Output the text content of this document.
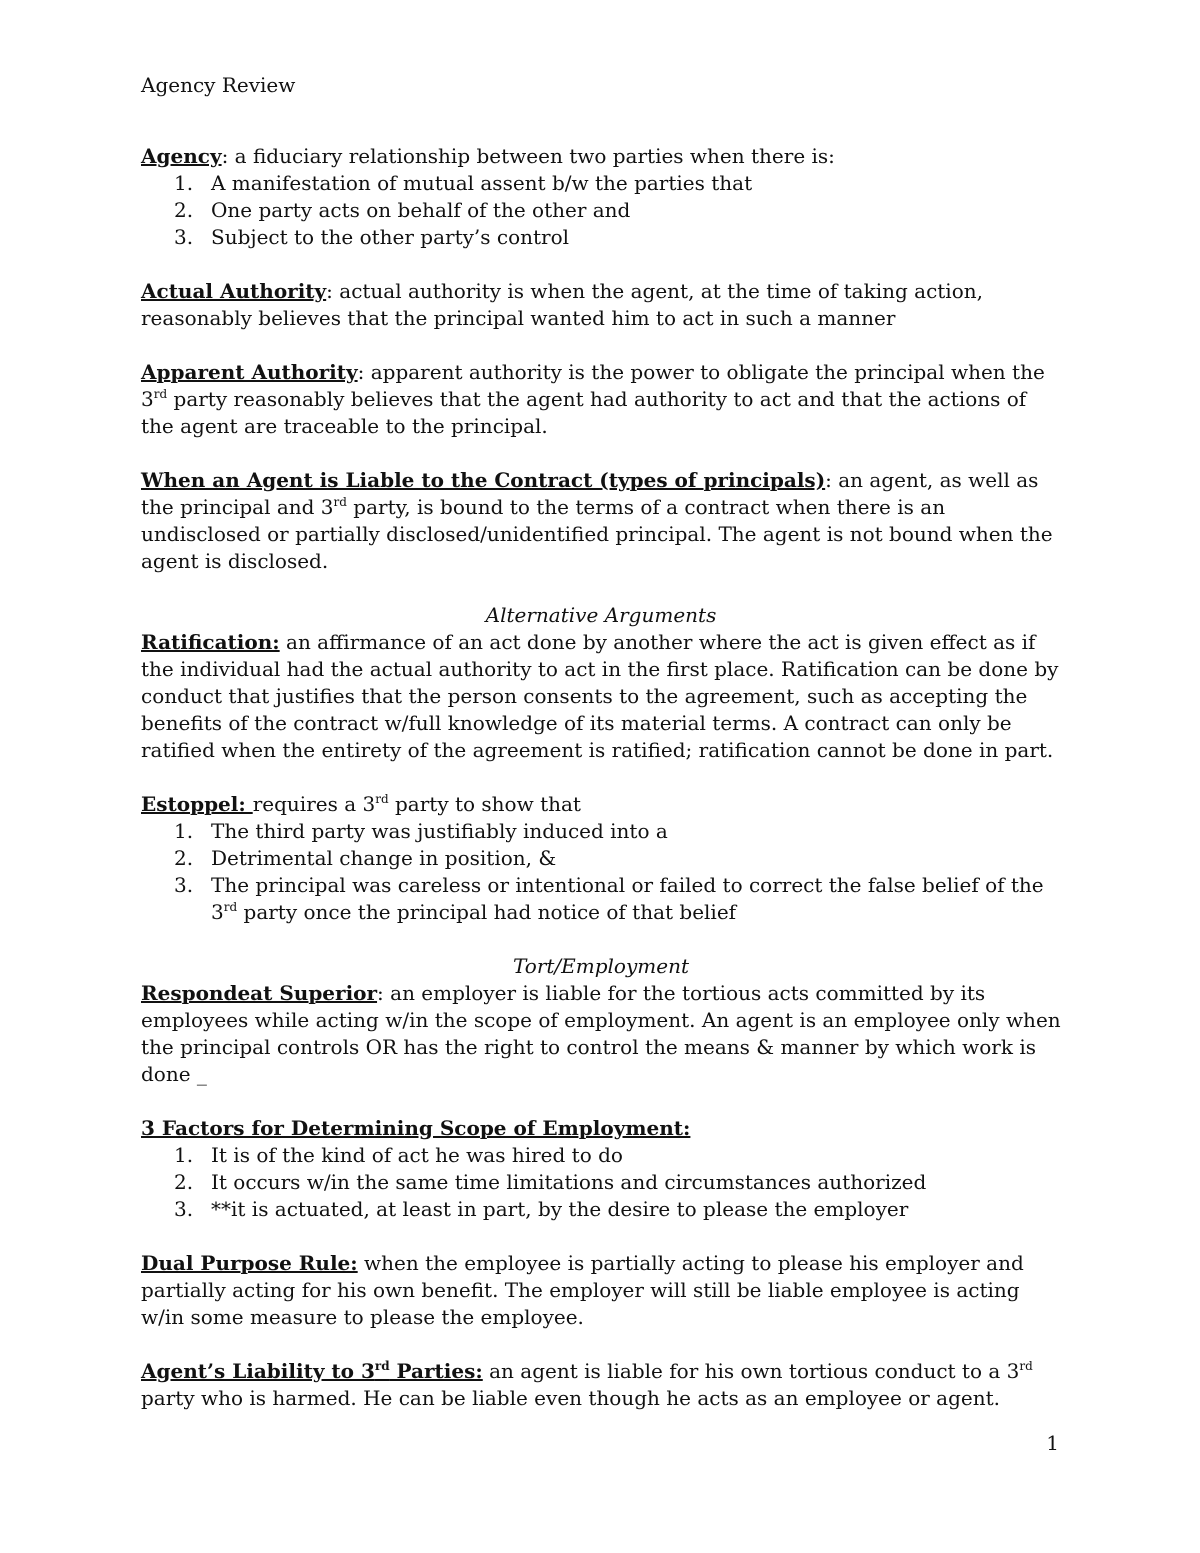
Agency Review

Agency: a fiduciary relationship between two parties when there is:

1. A manifestation of mutual assent b/w the parties that
2. One party acts on behalf of the other and
3. Subject to the other party’s control

Actual Authority: actual authority is when the agent, at the time of taking action, reasonably believes that the principal wanted him to act in such a manner

Apparent Authority: apparent authority is the power to obligate the principal when the 3rd party reasonably believes that the agent had authority to act and that the actions of the agent are traceable to the principal.

When an Agent is Liable to the Contract (types of principals): an agent, as well as the principal and 3rd party, is bound to the terms of a contract when there is an undisclosed or partially disclosed/unidentified principal. The agent is not bound when the agent is disclosed.

Alternative Arguments

Ratification: an affirmance of an act done by another where the act is given effect as if the individual had the actual authority to act in the first place. Ratification can be done by conduct that justifies that the person consents to the agreement, such as accepting the benefits of the contract w/full knowledge of its material terms. A contract can only be ratified when the entirety of the agreement is ratified; ratification cannot be done in part.

Estoppel: requires a 3rd party to show that

1. The third party was justifiably induced into a
2. Detrimental change in position, &
3. The principal was careless or intentional or failed to correct the false belief of the 3rd party once the principal had notice of that belief

Tort/Employment

Respondeat Superior: an employer is liable for the tortious acts committed by its employees while acting w/in the scope of employment. An agent is an employee only when the principal controls OR has the right to control the means & manner by which work is done _

3 Factors for Determining Scope of Employment:

1. It is of the kind of act he was hired to do
2. It occurs w/in the same time limitations and circumstances authorized
3. **it is actuated, at least in part, by the desire to please the employer

Dual Purpose Rule: when the employee is partially acting to please his employer and partially acting for his own benefit. The employer will still be liable employee is acting w/in some measure to please the employee.

Agent’s Liability to 3rd Parties: an agent is liable for his own tortious conduct to a 3rd party who is harmed. He can be liable even though he acts as an employee or agent.

1
